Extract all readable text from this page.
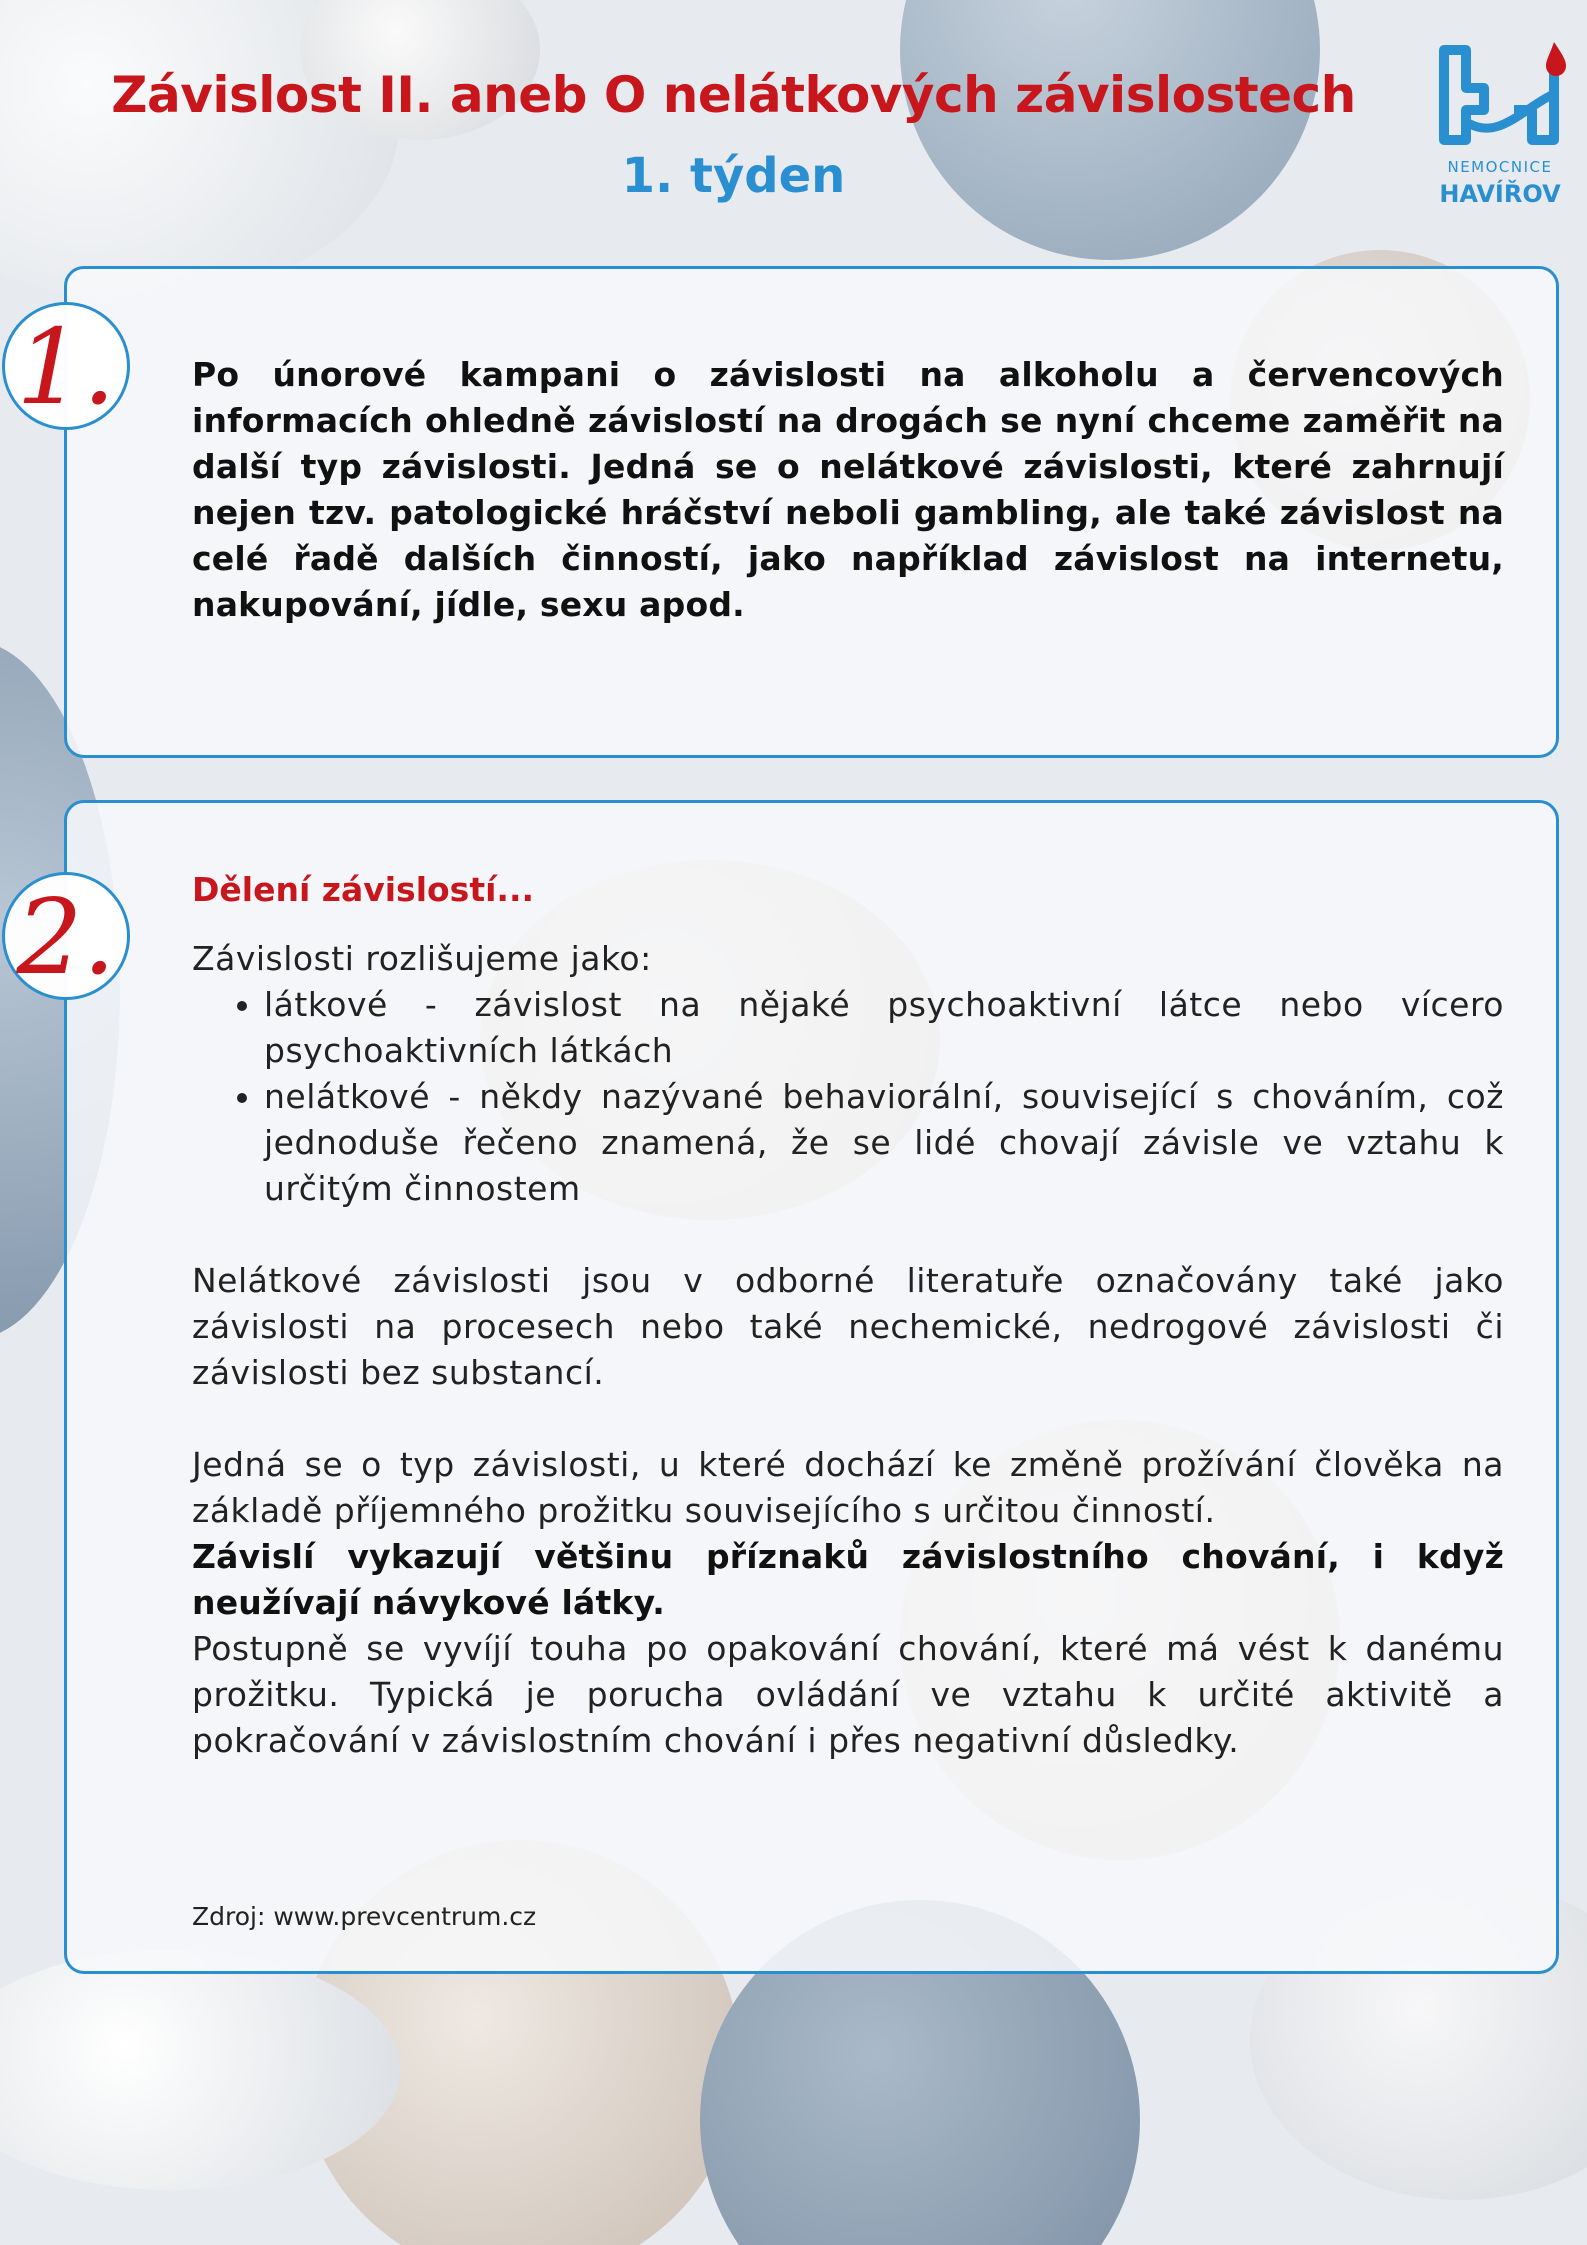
Závislost II. aneb O nelátkových závislostech
1. týden	NEMOCNICE
HAVÍŘOV
1.	Po únorové kampani o závislosti na alkoholu a červencových informacích ohledně závislostí na drogách se nyní chceme zaměřit na další typ závislosti. Jedná se o nelátkové závislosti, které zahrnují nejen tzv. patologické hráčství neboli gambling, ale také závislost na celé řadě dalších činností, jako například závislost na internetu, nakupování, jídle, sexu apod.
2.	Dělení závislostí...

Závislosti rozlišujeme jako:

• látkové - závislost na nějaké psychoaktivní látce nebo vícero psychoaktivních látkách
• nelátkové - někdy nazývané behaviorální, související s chováním, což jednoduše řečeno znamená, že se lidé chovají závisle ve vztahu k určitým činnostem

Nelátkové závislosti jsou v odborné literatuře označovány také jako závislosti na procesech nebo také nechemické, nedrogové závislosti či závislosti bez substancí.

Jedná se o typ závislosti, u které dochází ke změně prožívání člověka na základě příjemného prožitku souvisejícího s určitou činností.

Závislí vykazují většinu příznaků závislostního chování, i když neužívají návykové látky.

Postupně se vyvíjí touha po opakování chování, které má vést k danému prožitku. Typická je porucha ovládání ve vztahu k určité aktivitě a pokračování v závislostním chování i přes negativní důsledky.

Zdroj: www.prevcentrum.cz
